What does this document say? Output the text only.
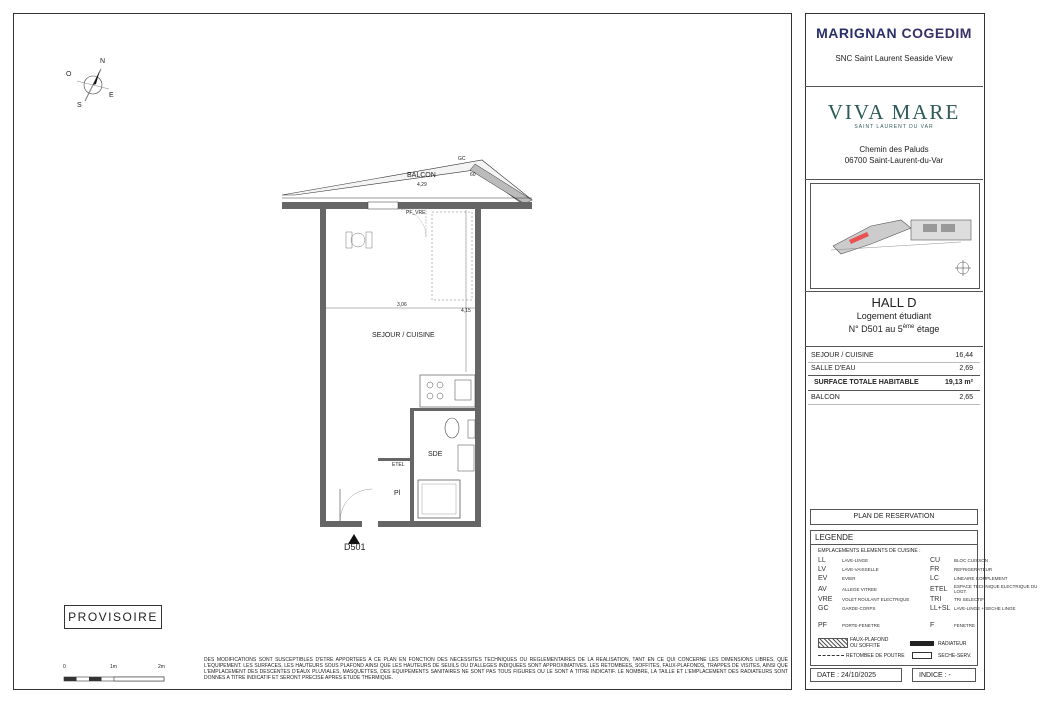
MARIGNAN COGEDIM
SNC Saint Laurent Seaside View
VIVA MARE
SAINT LAURENT DU VAR
Chemin des Paluds
06700 Saint-Laurent-du-Var
HALL D
Logement étudiant
N° D501 au 5ème étage
SEJOUR / CUISINE	16,44
SALLE D'EAU	2,69
SURFACE TOTALE HABITABLE	19,13 m²
BALCON	2,65
PLAN DE RESERVATION
LEGENDE
EMPLACEMENTS ELEMENTS DE CUISINE :
LL	LAVE-LINGE	CU	BLOC CUISSON
LV	LAVE-VAISSELLE	FR	REFRIGERATEUR
EV	EVIER	LC	LINEAIRE COMPLEMENT
AV	ALLEGE VITREE	ETEL	ESPACE TECHNIQUE ELECTRIQUE DU LOGT.
VRE	VOLET ROULANT ELECTRIQUE	TRI	TRI SELECTIF
GC	GARDE-CORPS	LL+SL LAVE-LINGE + SECHE LINGE
PF	PORTE-FENETRE	F	FENETRE
FAUX-PLAFOND OU SOFFITE	RADIATEUR
RETOMBEE DE POUTRE	SECHE-SERV.
DATE : 24/10/2025	INDICE : -
N
E
S
O
BALCON
4,29
GC
60
PF_VRE
3,06
4,15
SEJOUR / CUISINE
SDE
ETEL
Pl
D501
PROVISOIRE
0	1m	2m
DES MODIFICATIONS SONT SUSCEPTIBLES D'ETRE APPORTEES A CE PLAN EN FONCTION DES NECESSITES TECHNIQUES OU REGLEMENTAIRES DE LA REALISATION, TANT EN CE QUI CONCERNE LES DIMENSIONS LIBRES, QUE L'EQUIPEMENT. LES SURFACES, LES HAUTEURS SOUS PLAFOND AINSI QUE LES HAUTEURS DE SEUILS OU D'ALLEGES INDIQUEES SONT APPROXIMATIVES. LES RETOMBEES, SOFFITES, FAUX-PLAFONDS, TRAPPES DE VISITES, AINSI QUE L'EMPLACEMENT DES DESCENTES D'EAUX PLUVIALES, MASQUETTES, DES EQUIPEMENTS SANITAIRES NE SONT PAS TOUS FIGURES OU LE SONT A TITRE INDICATIF. LE NOMBRE, LA TAILLE ET L'EMPLACEMENT DES RADIATEURS SONT DONNES A TITRE INDICATIF ET SERONT PRECISE APRES ETUDE THERMIQUE.
